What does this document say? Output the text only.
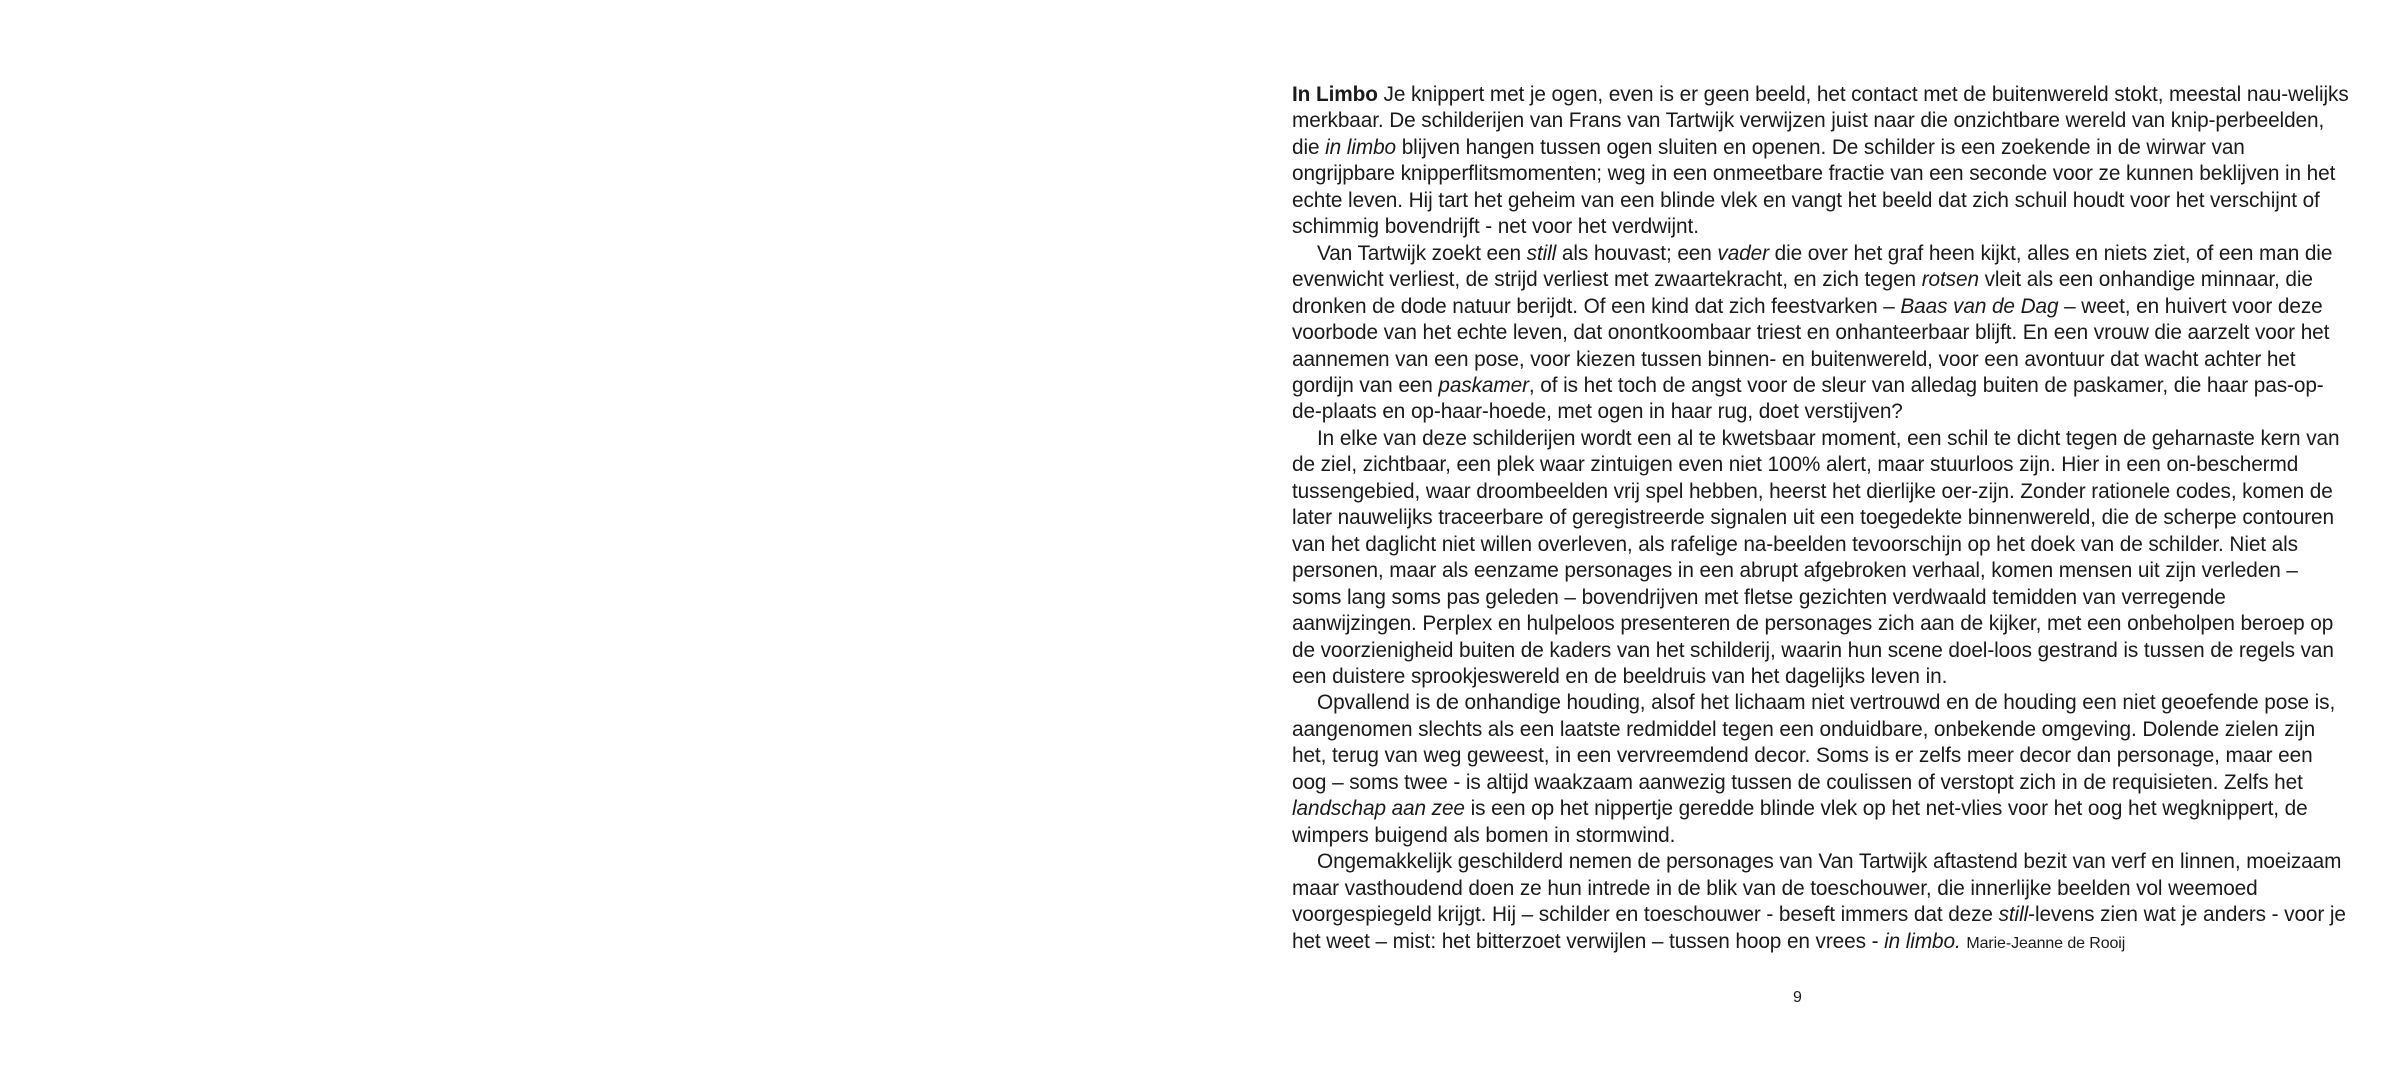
In Limbo Je knippert met je ogen, even is er geen beeld, het contact met de buitenwereld stokt, meestal nau-welijks merkbaar. De schilderijen van Frans van Tartwijk verwijzen juist naar die onzichtbare wereld van knip-perbeelden, die in limbo blijven hangen tussen ogen sluiten en openen. De schilder is een zoekende in de wirwar van ongrijpbare knipperflitsmomenten; weg in een onmeetbare fractie van een seconde voor ze kunnen beklijven in het echte leven. Hij tart het geheim van een blinde vlek en vangt het beeld dat zich schuil houdt voor het verschijnt of schimmig bovendrijft - net voor het verdwijnt.

Van Tartwijk zoekt een still als houvast; een vader die over het graf heen kijkt, alles en niets ziet, of een man die evenwicht verliest, de strijd verliest met zwaartekracht, en zich tegen rotsen vleit als een onhandige minnaar, die dronken de dode natuur berijdt. Of een kind dat zich feestvarken – Baas van de Dag – weet, en huivert voor deze voorbode van het echte leven, dat onontkoombaar triest en onhanteerbaar blijft. En een vrouw die aarzelt voor het aannemen van een pose, voor kiezen tussen binnen- en buitenwereld, voor een avontuur dat wacht achter het gordijn van een paskamer, of is het toch de angst voor de sleur van alledag buiten de paskamer, die haar pas-op-de-plaats en op-haar-hoede, met ogen in haar rug, doet verstijven?

In elke van deze schilderijen wordt een al te kwetsbaar moment, een schil te dicht tegen de geharnaste kern van de ziel, zichtbaar, een plek waar zintuigen even niet 100% alert, maar stuurloos zijn. Hier in een on-beschermd tussengebied, waar droombeelden vrij spel hebben, heerst het dierlijke oer-zijn. Zonder rationele codes, komen de later nauwelijks traceerbare of geregistreerde signalen uit een toegedekte binnenwereld, die de scherpe contouren van het daglicht niet willen overleven, als rafelige na-beelden tevoorschijn op het doek van de schilder. Niet als personen, maar als eenzame personages in een abrupt afgebroken verhaal, komen mensen uit zijn verleden – soms lang soms pas geleden – bovendrijven met fletse gezichten verdwaald temidden van verregende aanwijzingen. Perplex en hulpeloos presenteren de personages zich aan de kijker, met een onbeholpen beroep op de voorzienigheid buiten de kaders van het schilderij, waarin hun scene doel-loos gestrand is tussen de regels van een duistere sprookjeswereld en de beeldruis van het dagelijks leven in.

Opvallend is de onhandige houding, alsof het lichaam niet vertrouwd en de houding een niet geoefende pose is, aangenomen slechts als een laatste redmiddel tegen een onduidbare, onbekende omgeving. Dolende zielen zijn het, terug van weg geweest, in een vervreemdend decor. Soms is er zelfs meer decor dan personage, maar een oog – soms twee - is altijd waakzaam aanwezig tussen de coulissen of verstopt zich in de requisieten. Zelfs het landschap aan zee is een op het nippertje geredde blinde vlek op het net-vlies voor het oog het wegknippert, de wimpers buigend als bomen in stormwind.

Ongemakkelijk geschilderd nemen de personages van Van Tartwijk aftastend bezit van verf en linnen, moeizaam maar vasthoudend doen ze hun intrede in de blik van de toeschouwer, die innerlijke beelden vol weemoed voorgespiegeld krijgt. Hij – schilder en toeschouwer - beseft immers dat deze still-levens zien wat je anders - voor je het weet – mist: het bitterzoet verwijlen – tussen hoop en vrees - in limbo. Marie-Jeanne de Rooij

9
